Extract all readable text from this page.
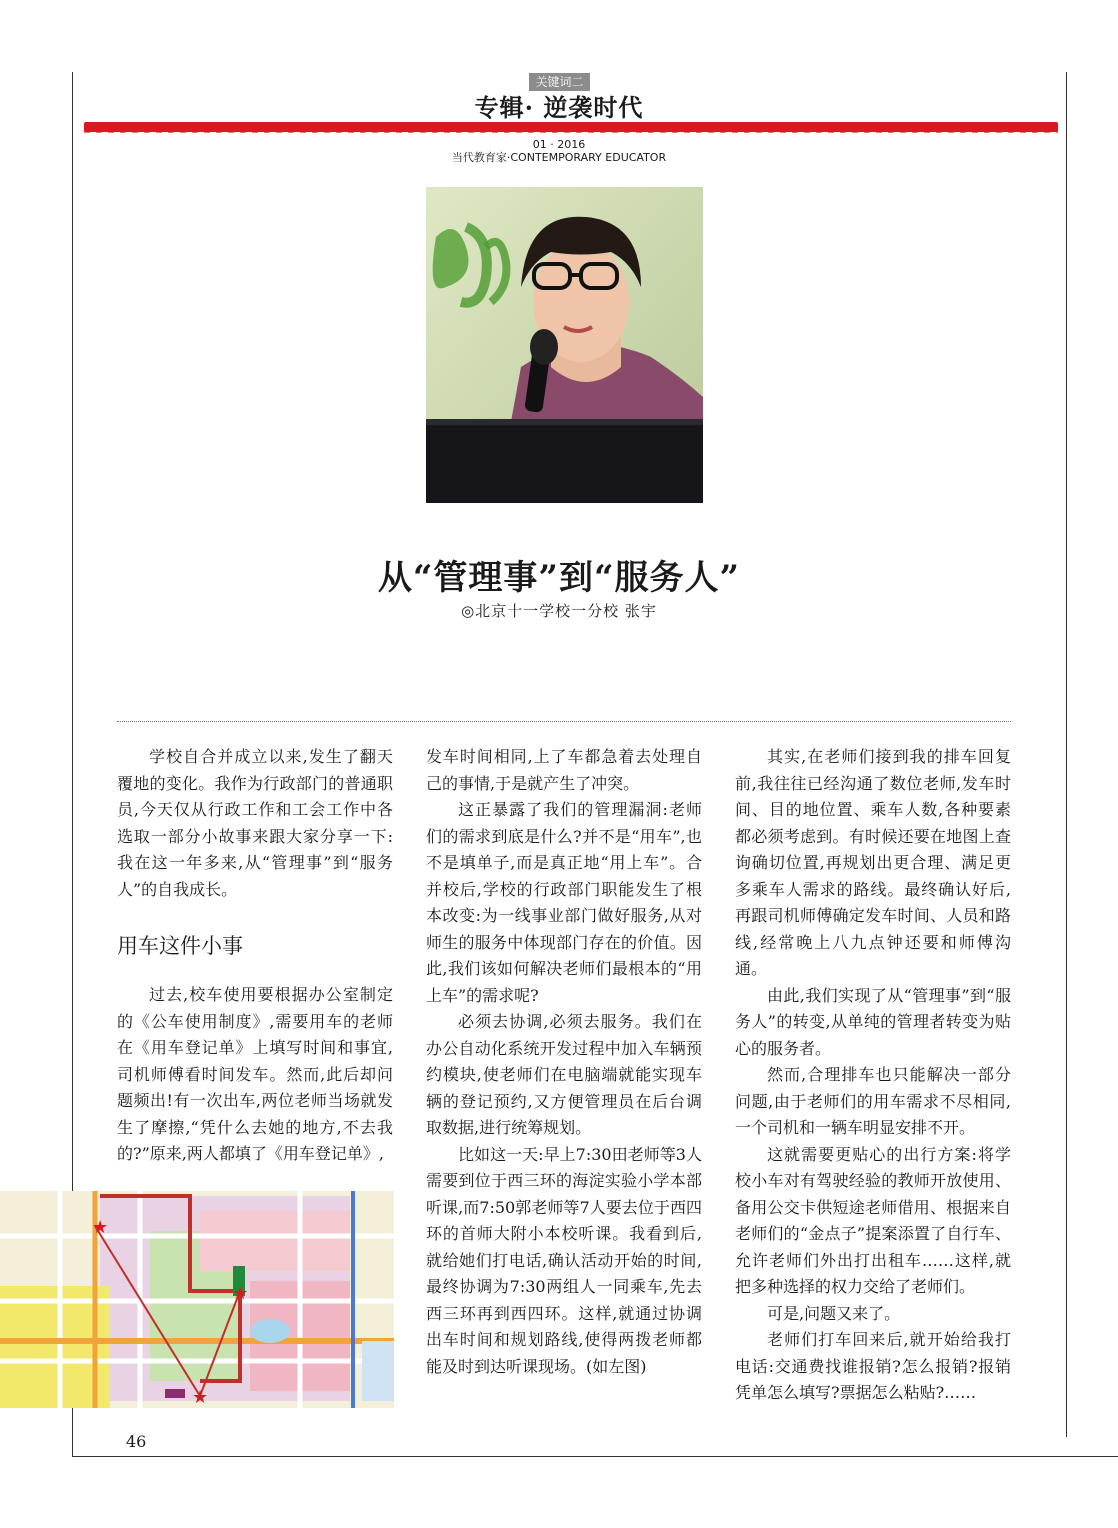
关键词二
专辑· 逆袭时代
01 · 2016
当代教育家·CONTEMPORARY EDUCATOR
从“管理事”到“服务人”
◎北京十一学校一分校 张宇

学校自合并成立以来,发生了翻天覆地的变化。我作为行政部门的普通职员,今天仅从行政工作和工会工作中各选取一部分小故事来跟大家分享一下:我在这一年多来,从“管理事”到“服务人”的自我成长。

用车这件小事

过去,校车使用要根据办公室制定的《公车使用制度》,需要用车的老师在《用车登记单》上填写时间和事宜,司机师傅看时间发车。然而,此后却问题频出!有一次出车,两位老师当场就发生了摩擦,“凭什么去她的地方,不去我的?”原来,两人都填了《用车登记单》,

发车时间相同,上了车都急着去处理自己的事情,于是就产生了冲突。

这正暴露了我们的管理漏洞:老师们的需求到底是什么?并不是“用车”,也不是填单子,而是真正地“用上车”。合并校后,学校的行政部门职能发生了根本改变:为一线事业部门做好服务,从对师生的服务中体现部门存在的价值。因此,我们该如何解决老师们最根本的“用上车”的需求呢?

必须去协调,必须去服务。我们在办公自动化系统开发过程中加入车辆预约模块,使老师们在电脑端就能实现车辆的登记预约,又方便管理员在后台调取数据,进行统筹规划。

比如这一天:早上7:30田老师等3人需要到位于西三环的海淀实验小学本部听课,而7:50郭老师等7人要去位于西四环的首师大附小本校听课。我看到后,就给她们打电话,确认活动开始的时间,最终协调为7:30两组人一同乘车,先去西三环再到西四环。这样,就通过协调出车时间和规划路线,使得两拨老师都能及时到达听课现场。(如左图)

其实,在老师们接到我的排车回复前,我往往已经沟通了数位老师,发车时间、目的地位置、乘车人数,各种要素都必须考虑到。有时候还要在地图上查询确切位置,再规划出更合理、满足更多乘车人需求的路线。最终确认好后,再跟司机师傅确定发车时间、人员和路线,经常晚上八九点钟还要和师傅沟通。

由此,我们实现了从“管理事”到“服务人”的转变,从单纯的管理者转变为贴心的服务者。

然而,合理排车也只能解决一部分问题,由于老师们的用车需求不尽相同,一个司机和一辆车明显安排不开。

这就需要更贴心的出行方案:将学校小车对有驾驶经验的教师开放使用、备用公交卡供短途老师借用、根据来自老师们的“金点子”提案添置了自行车、允许老师们外出打出租车……这样,就把多种选择的权力交给了老师们。

可是,问题又来了。

老师们打车回来后,就开始给我打电话:交通费找谁报销?怎么报销?报销凭单怎么填写?票据怎么粘贴?……

★
★
★
46
